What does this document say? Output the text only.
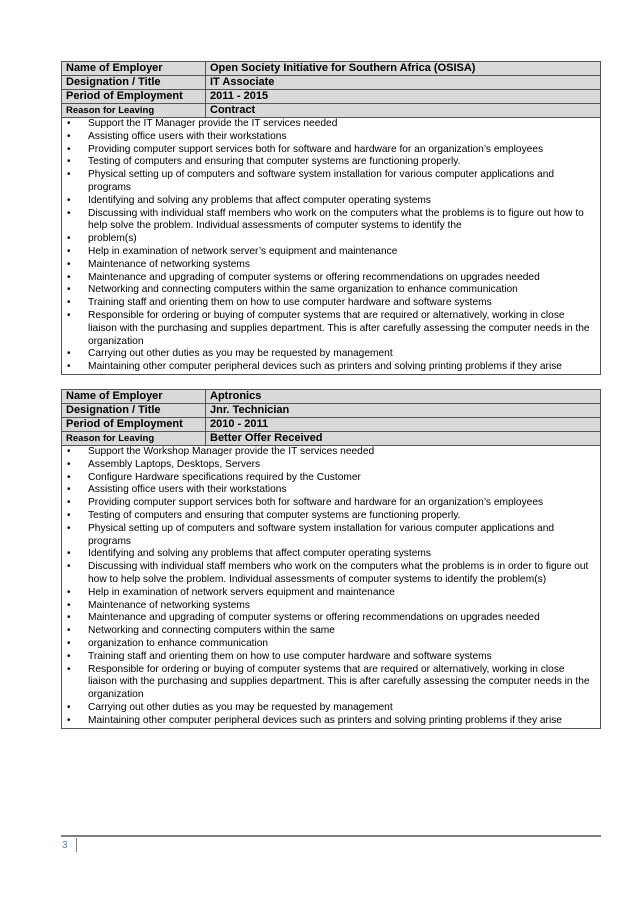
Name of Employer	Open Society Initiative for Southern Africa (OSISA)
Designation / Title	IT Associate
Period of Employment	2011 - 2015
Reason for Leaving	Contract
• Support the IT Manager provide the IT services needed
• Assisting office users with their workstations
• Providing computer support services both for software and hardware for an organization’s employees
• Testing of computers and ensuring that computer systems are functioning properly.
• Physical setting up of computers and software system installation for various computer applications and programs
• Identifying and solving any problems that affect computer operating systems
• Discussing with individual staff members who work on the computers what the problems is to figure out how to help solve the problem. Individual assessments of computer systems to identify the
• problem(s)
• Help in examination of network server’s equipment and maintenance
• Maintenance of networking systems
• Maintenance and upgrading of computer systems or offering recommendations on upgrades needed
• Networking and connecting computers within the same organization to enhance communication
• Training staff and orienting them on how to use computer hardware and software systems
• Responsible for ordering or buying of computer systems that are required or alternatively, working in close liaison with the purchasing and supplies department. This is after carefully assessing the computer needs in the organization
• Carrying out other duties as you may be requested by management
• Maintaining other computer peripheral devices such as printers and solving printing problems if they arise
Name of Employer	Aptronics
Designation / Title	Jnr. Technician
Period of Employment	2010 - 2011
Reason for Leaving	Better Offer Received
• Support the Workshop Manager provide the IT services needed
• Assembly Laptops, Desktops, Servers
• Configure Hardware specifications required by the Customer
• Assisting office users with their workstations
• Providing computer support services both for software and hardware for an organization’s employees
• Testing of computers and ensuring that computer systems are functioning properly.
• Physical setting up of computers and software system installation for various computer applications and programs
• Identifying and solving any problems that affect computer operating systems
• Discussing with individual staff members who work on the computers what the problems is in order to figure out how to help solve the problem. Individual assessments of computer systems to identify the problem(s)
• Help in examination of network servers equipment and maintenance
• Maintenance of networking systems
• Maintenance and upgrading of computer systems or offering recommendations on upgrades needed
• Networking and connecting computers within the same
• organization to enhance communication
• Training staff and orienting them on how to use computer hardware and software systems
• Responsible for ordering or buying of computer systems that are required or alternatively, working in close liaison with the purchasing and supplies department. This is after carefully assessing the computer needs in the organization
• Carrying out other duties as you may be requested by management
• Maintaining other computer peripheral devices such as printers and solving printing problems if they arise
3
